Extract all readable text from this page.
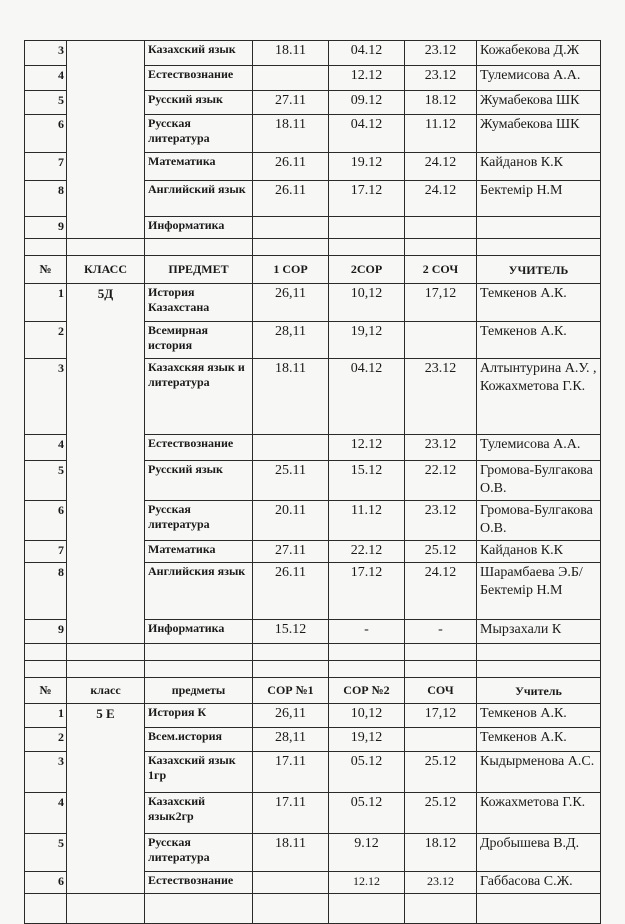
3		Казахский язык	18.11	04.12	23.12	Кожабекова Д.Ж
4		Естествознание		12.12	23.12	Тулемисова А.А.
5		Русский язык	27.11	09.12	18.12	Жумабекова ШК
6		Русская литература	18.11	04.12	11.12	Жумабекова ШК
7		Математика	26.11	19.12	24.12	Кайданов К.К
8		Английский язык	26.11	17.12	24.12	Бектемір Н.М
9		Информатика				

№	КЛАСС	ПРЕДМЕТ	1 СОР	2СОР	2 СОЧ	УЧИТЕЛЬ
1	5Д	История Казахстана	26,11	10,12	17,12	Темкенов А.К.
2		Всемирная история	28,11	19,12		Темкенов А.К.
3		Казахскяя язык и литература	18.11	04.12	23.12	Алтынтурина А.У. , Кожахметова Г.К.
4		Естествознание		12.12	23.12	Тулемисова А.А.
5		Русский язык	25.11	15.12	22.12	Громова-Булгакова О.В.
6		Русская литература	20.11	11.12	23.12	Громова-Булгакова О.В.
7		Математика	27.11	22.12	25.12	Кайданов К.К
8		Английския язык	26.11	17.12	24.12	Шарамбаева Э.Б/Бектемір Н.М
9		Информатика	15.12	-	-	Мырзахали К

№	класс	предметы	СОР №1	СОР №2	СОЧ	Учитель
1	5 Е	История К	26,11	10,12	17,12	Темкенов А.К.
2		Всем.история	28,11	19,12		Темкенов А.К.
3		Казахский язык 1гр	17.11	05.12	25.12	Кыдырменова А.С.
4		Казахский язык2гр	17.11	05.12	25.12	Кожахметова Г.К.
5		Русская литература	18.11	9.12	18.12	Дробышева В.Д.
6		Естествознание		12.12	23.12	Габбасова С.Ж.
